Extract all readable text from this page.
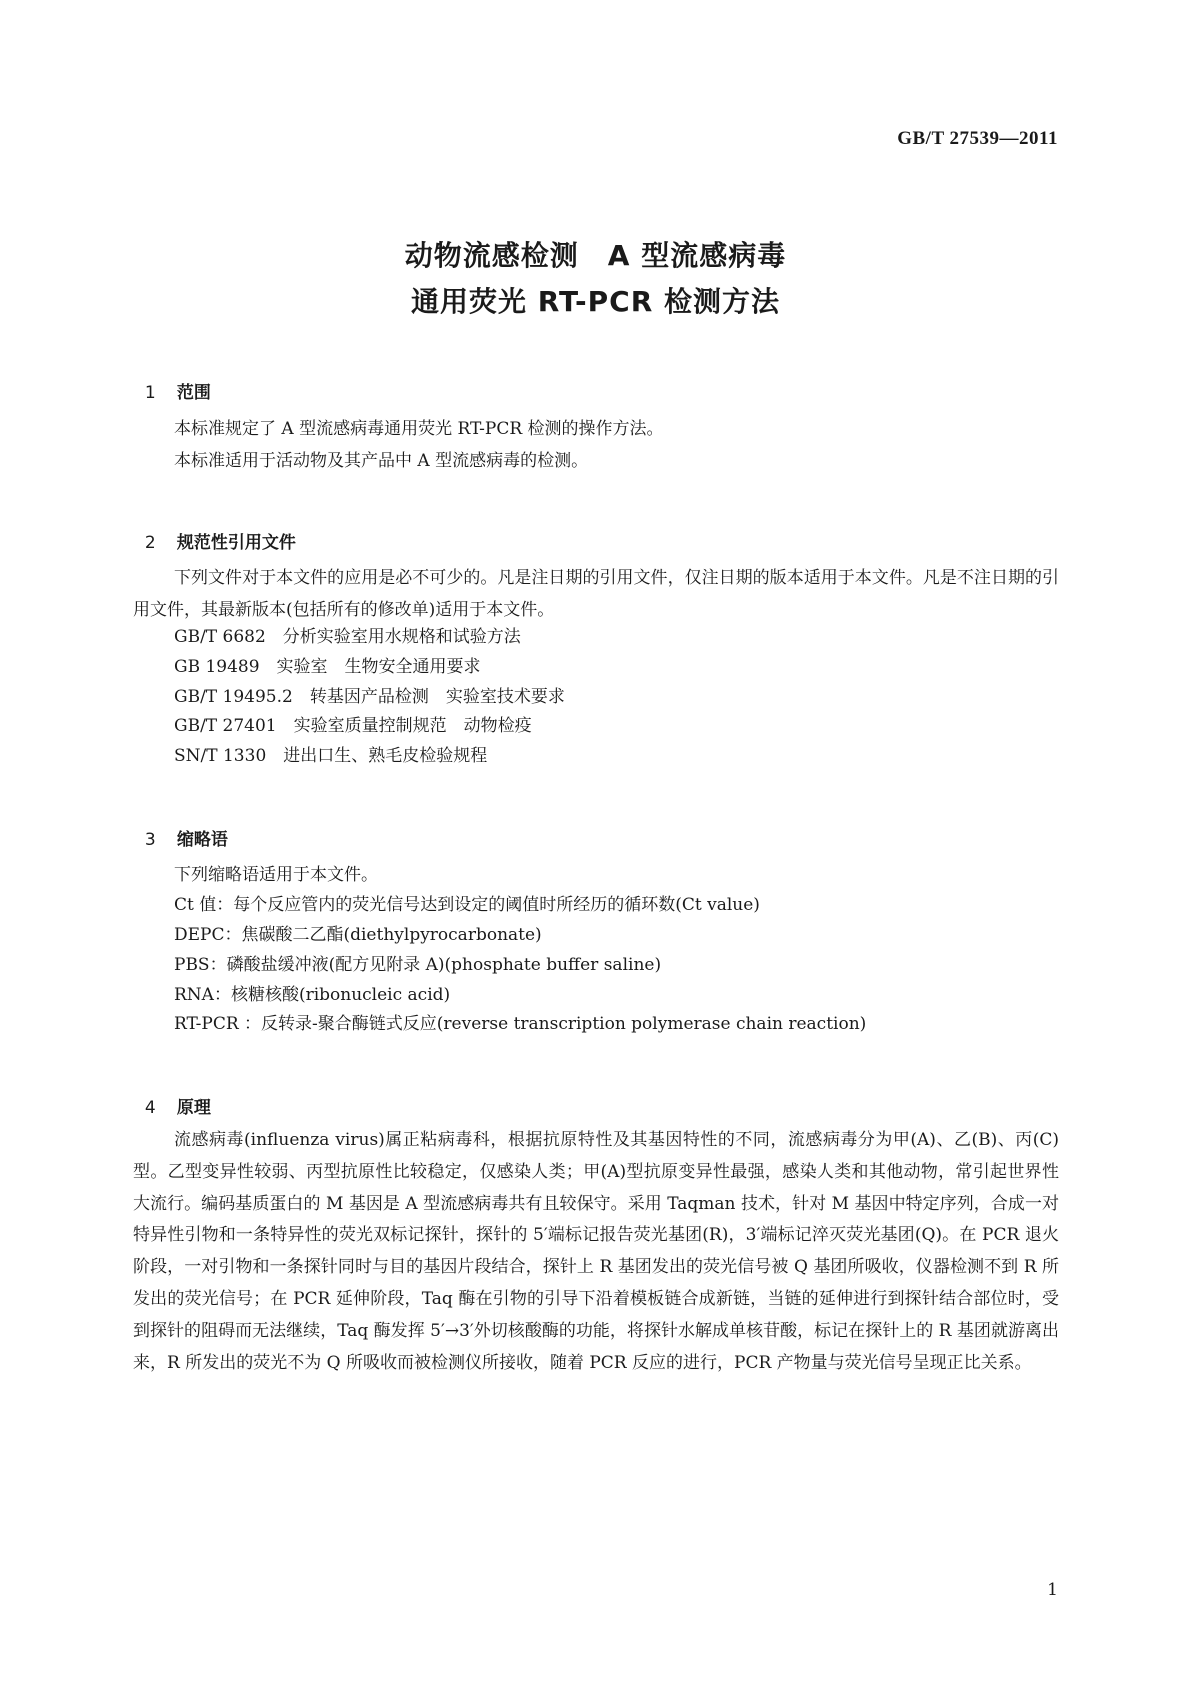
GB/T 27539—2011
动物流感检测　A 型流感病毒
通用荧光 RT-PCR 检测方法

1 范围

本标准规定了 A 型流感病毒通用荧光 RT-PCR 检测的操作方法。
本标准适用于活动物及其产品中 A 型流感病毒的检测。

2 规范性引用文件

下列文件对于本文件的应用是必不可少的。凡是注日期的引用文件，仅注日期的版本适用于本文件。凡是不注日期的引用文件，其最新版本(包括所有的修改单)适用于本文件。
GB/T 6682　分析实验室用水规格和试验方法
GB 19489　实验室　生物安全通用要求
GB/T 19495.2　转基因产品检测　实验室技术要求
GB/T 27401　实验室质量控制规范　动物检疫
SN/T 1330　进出口生、熟毛皮检验规程

3 缩略语

下列缩略语适用于本文件。
Ct 值：每个反应管内的荧光信号达到设定的阈值时所经历的循环数(Ct value)
DEPC：焦碳酸二乙酯(diethylpyrocarbonate)
PBS：磷酸盐缓冲液(配方见附录 A)(phosphate buffer saline)
RNA：核糖核酸(ribonucleic acid)
RT-PCR ：反转录-聚合酶链式反应(reverse transcription polymerase chain reaction)

4 原理

流感病毒(influenza virus)属正粘病毒科，根据抗原特性及其基因特性的不同，流感病毒分为甲(A)、乙(B)、丙(C)型。乙型变异性较弱、丙型抗原性比较稳定，仅感染人类；甲(A)型抗原变异性最强，感染人类和其他动物，常引起世界性大流行。编码基质蛋白的 M 基因是 A 型流感病毒共有且较保守。采用 Taqman 技术，针对 M 基因中特定序列，合成一对特异性引物和一条特异性的荧光双标记探针，探针的 5′端标记报告荧光基团(R)，3′端标记淬灭荧光基团(Q)。在 PCR 退火阶段，一对引物和一条探针同时与目的基因片段结合，探针上 R 基团发出的荧光信号被 Q 基团所吸收，仪器检测不到 R 所发出的荧光信号；在 PCR 延伸阶段，Taq 酶在引物的引导下沿着模板链合成新链，当链的延伸进行到探针结合部位时，受到探针的阻碍而无法继续，Taq 酶发挥 5′→3′外切核酸酶的功能，将探针水解成单核苷酸，标记在探针上的 R 基团就游离出来，R 所发出的荧光不为 Q 所吸收而被检测仪所接收，随着 PCR 反应的进行，PCR 产物量与荧光信号呈现正比关系。
1
